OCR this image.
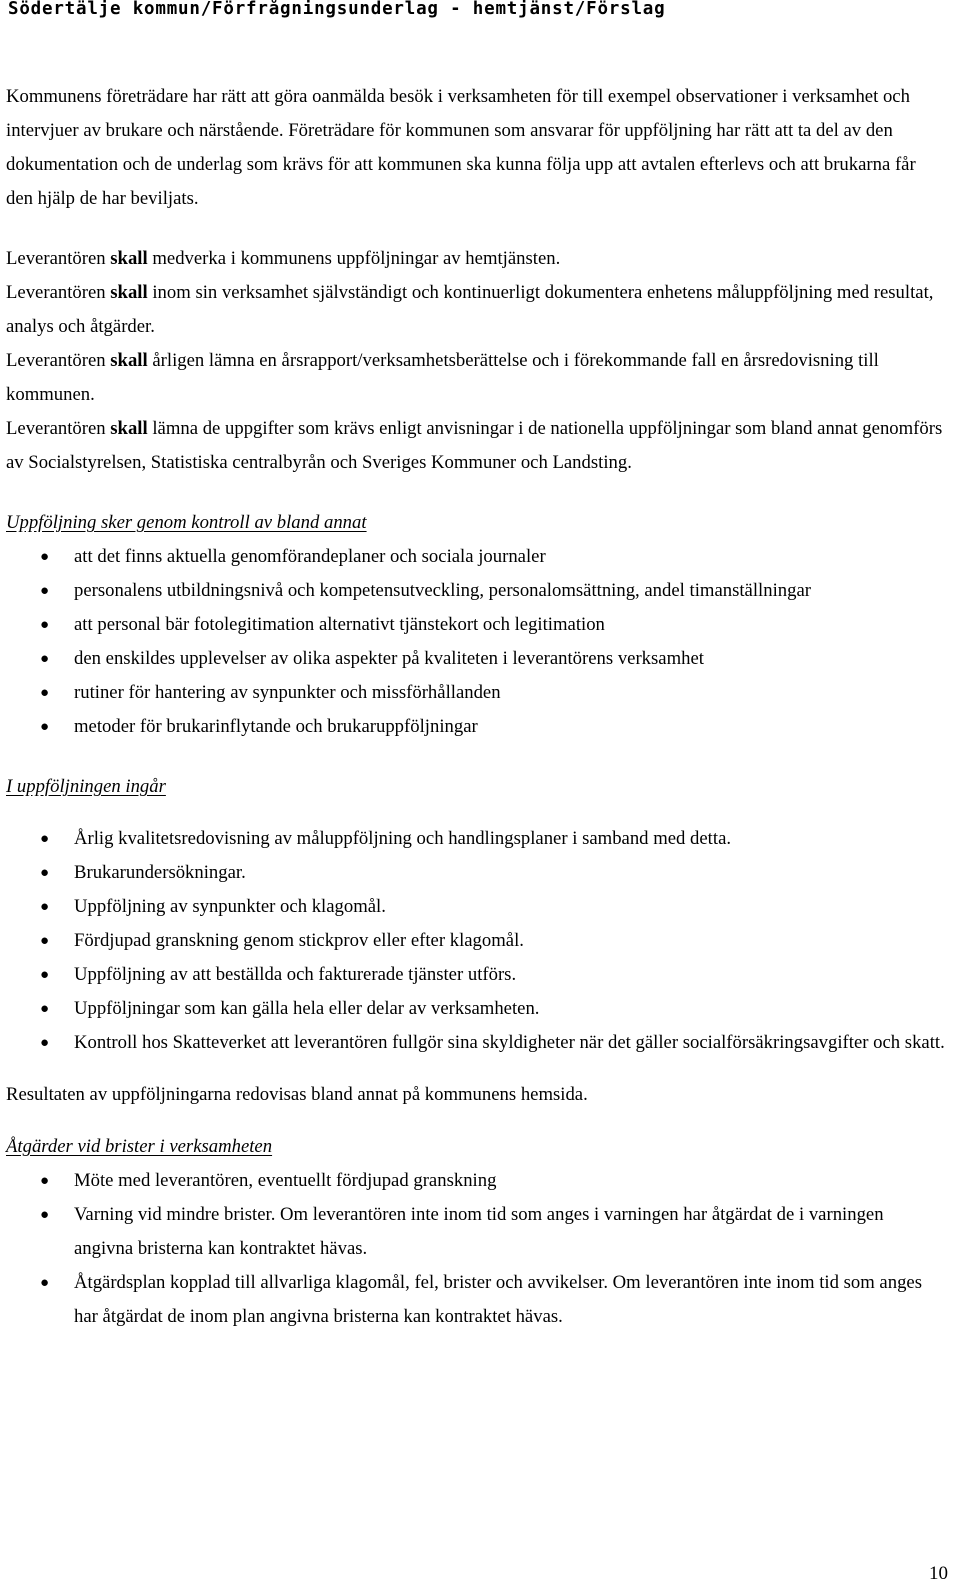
Södertälje kommun/Förfrågningsunderlag - hemtjänst/Förslag

Kommunens företrädare har rätt att göra oanmälda besök i verksamheten för till exempel observationer i verksamhet och intervjuer av brukare och närstående. Företrädare för kommunen som ansvarar för uppföljning har rätt att ta del av den dokumentation och de underlag som krävs för att kommunen ska kunna följa upp att avtalen efterlevs och att brukarna får den hjälp de har beviljats.

Leverantören skall medverka i kommunens uppföljningar av hemtjänsten.

Leverantören skall inom sin verksamhet självständigt och kontinuerligt dokumentera enhetens måluppföljning med resultat, analys och åtgärder.

Leverantören skall årligen lämna en årsrapport/verksamhetsberättelse och i förekommande fall en årsredovisning till kommunen.

Leverantören skall lämna de uppgifter som krävs enligt anvisningar i de nationella uppföljningar som bland annat genomförs av Socialstyrelsen, Statistiska centralbyrån och Sveriges Kommuner och Landsting.

Uppföljning sker genom kontroll av bland annat

● att det finns aktuella genomförandeplaner och sociala journaler
● personalens utbildningsnivå och kompetensutveckling, personalomsättning, andel timanställningar
● att personal bär fotolegitimation alternativt tjänstekort och legitimation
● den enskildes upplevelser av olika aspekter på kvaliteten i leverantörens verksamhet
● rutiner för hantering av synpunkter och missförhållanden
● metoder för brukarinflytande och brukaruppföljningar

I uppföljningen ingår

● Årlig kvalitetsredovisning av måluppföljning och handlingsplaner i samband med detta.
● Brukarundersökningar.
● Uppföljning av synpunkter och klagomål.
● Fördjupad granskning genom stickprov eller efter klagomål.
● Uppföljning av att beställda och fakturerade tjänster utförs.
● Uppföljningar som kan gälla hela eller delar av verksamheten.
● Kontroll hos Skatteverket att leverantören fullgör sina skyldigheter när det gäller socialförsäkringsavgifter och skatt.

Resultaten av uppföljningarna redovisas bland annat på kommunens hemsida.

Åtgärder vid brister i verksamheten

● Möte med leverantören, eventuellt fördjupad granskning
● Varning vid mindre brister. Om leverantören inte inom tid som anges i varningen har åtgärdat de i varningen angivna bristerna kan kontraktet hävas.
● Åtgärdsplan kopplad till allvarliga klagomål, fel, brister och avvikelser. Om leverantören inte inom tid som anges har åtgärdat de inom plan angivna bristerna kan kontraktet hävas.
10
